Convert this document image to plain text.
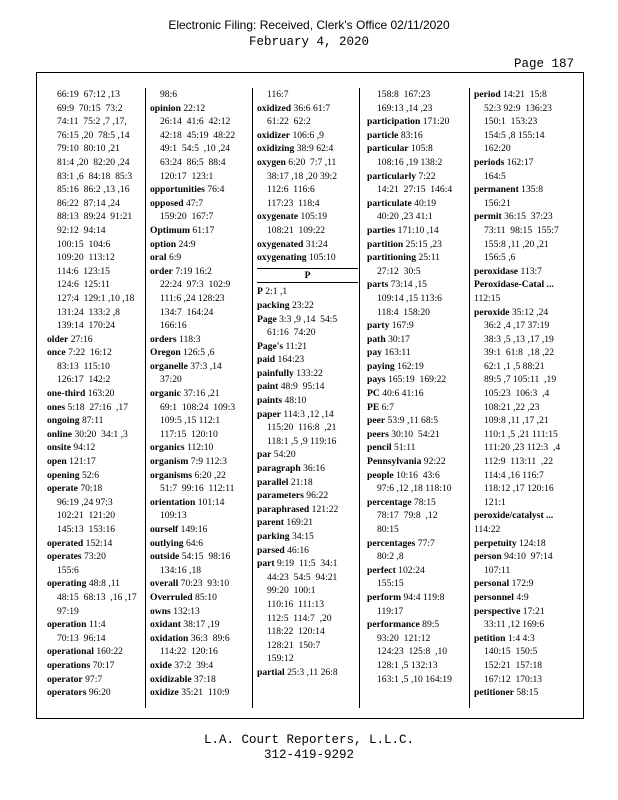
Electronic Filing: Received, Clerk's Office 02/11/2020
February 4, 2020
Page 187
66:19  67:12 ,13
69:9  70:15  73:2
74:11  75:2 ,7 ,17,
76:15 ,20  78:5 ,14
79:10  80:10 ,21
81:4 ,20  82:20 ,24
83:1 ,6  84:18  85:3
85:16  86:2 ,13 ,16
86:22  87:14 ,24
88:13  89:24  91:21
92:12  94:14
100:15  104:6
109:20  113:12
114:6  123:15
124:6  125:11
127:4  129:1 ,10 ,18
131:24  133:2 ,8
139:14  170:24
older 27:16
once 7:22  16:12
83:13  115:10
126:17  142:2
one-third 163:20
ones 5:18  27:16  ,17
ongoing 87:11
online 30:20  34:1 ,3
onsite 94:12
open 121:17
opening 52:6
operate 70:18
96:19 ,24 97:3
102:21  121:20
145:13  153:16
operated 152:14
operates 73:20
155:6
operating 48:8 ,11
48:15  68:13  ,16 ,17
97:19
operation 11:4
70:13  96:14
operational 160:22
operations 70:17
operator 97:7
operators 96:20
98:6
opinion 22:12
26:14  41:6  42:12
42:18  45:19  48:22
49:1  54:5  ,10 ,24
63:24  86:5  88:4
120:17  123:1
opportunities 76:4
opposed 47:7
159:20  167:7
Optimum 61:17
option 24:9
oral 6:9
order 7:19 16:2
22:24  97:3  102:9
111:6 ,24 128:23
134:7  164:24
166:16
orders 118:3
Oregon 126:5 ,6
organelle 37:3 ,14
37:20
organic 37:16 ,21
69:1  108:24  109:3
109:5 ,15 112:1
117:15  120:10
organics 112:10
organism 7:9 112:3
organisms 6:20 ,22
51:7  99:16  112:11
orientation 101:14
109:13
ourself 149:16
outlying 64:6
outside 54:15  98:16
134:16 ,18
overall 70:23  93:10
Overruled 85:10
owns 132:13
oxidant 38:17 ,19
oxidation 36:3  89:6
114:22  120:16
oxide 37:2  39:4
oxidizable 37:18
oxidize 35:21  110:9
116:7
oxidized 36:6 61:7
61:22  62:2
oxidizer 106:6 ,9
oxidizing 38:9 62:4
oxygen 6:20  7:7 ,11
38:17 ,18 ,20 39:2
112:6  116:6
117:23  118:4
oxygenate 105:19
108:21  109:22
oxygenated 31:24
oxygenating 105:10
P
P 2:1 ,1
packing 23:22
Page 3:3 ,9 ,14  54:5
61:16  74:20
Page's 11:21
paid 164:23
painfully 133:22
paint 48:9  95:14
paints 48:10
paper 114:3 ,12 ,14
115:20  116:8  ,21
118:1 ,5 ,9 119:16
par 54:20
paragraph 36:16
parallel 21:18
parameters 96:22
paraphrased 121:22
parent 169:21
parking 34:15
parsed 46:16
part 9:19  11:5  34:1
44:23  54:5  94:21
99:20  100:1
110:16  111:13
112:5  114:7  ,20
118:22  120:14
128:21  150:7
159:12
partial 25:3 ,11 26:8
158:8  167:23
169:13 ,14 ,23
participation 171:20
particle 83:16
particular 105:8
108:16 ,19 138:2
particularly 7:22
14:21  27:15  146:4
particulate 40:19
40:20 ,23 41:1
parties 171:10 ,14
partition 25:15 ,23
partitioning 25:11
27:12  30:5
parts 73:14 ,15
109:14 ,15 113:6
118:4  158:20
party 167:9
path 30:17
pay 163:11
paying 162:19
pays 165:19  169:22
PC 40:6 41:16
PE 6:7
peer 53:9 ,11 68:5
peers 30:10  54:21
pencil 51:11
Pennsylvania 92:22
people 10:16  43:6
97:6 ,12 ,18 118:10
percentage 78:15
78:17  79:8  ,12
80:15
percentages 77:7
80:2 ,8
perfect 102:24
155:15
perform 94:4 119:8
119:17
performance 89:5
93:20  121:12
124:23  125:8  ,10
128:1 ,5 132:13
163:1 ,5 ,10 164:19
period 14:21  15:8
52:3 92:9  136:23
150:1  153:23
154:5 ,8 155:14
162:20
periods 162:17
164:5
permanent 135:8
156:21
permit 36:15  37:23
73:11  98:15  155:7
155:8 ,11 ,20 ,21
156:5 ,6
peroxidase 113:7
Peroxidase-Catal ... 112:15
peroxide 35:12 ,24
36:2 ,4 ,17 37:19
38:3 ,5 ,13 ,17 ,19
39:1  61:8  ,18 ,22
62:1 ,1 ,5 88:21
89:5 ,7 105:11  ,19
105:23  106:3  ,4
108:21 ,22 ,23
109:8 ,11 ,17 ,21
110:1 ,5 ,21 111:15
111:20 ,23 112:3  ,4
112:9  113:11  ,22
114:4 ,16 116:7
118:12 ,17 120:16
121:1
peroxide/catalyst ... 114:22
perpetuity 124:18
person 94:10  97:14
107:11
personal 172:9
personnel 4:9
perspective 17:21
33:11 ,12 169:6
petition 1:4 4:3
140:15  150:5
152:21  157:18
167:12  170:13
petitioner 58:15
L.A. Court Reporters, L.L.C.
312-419-9292
